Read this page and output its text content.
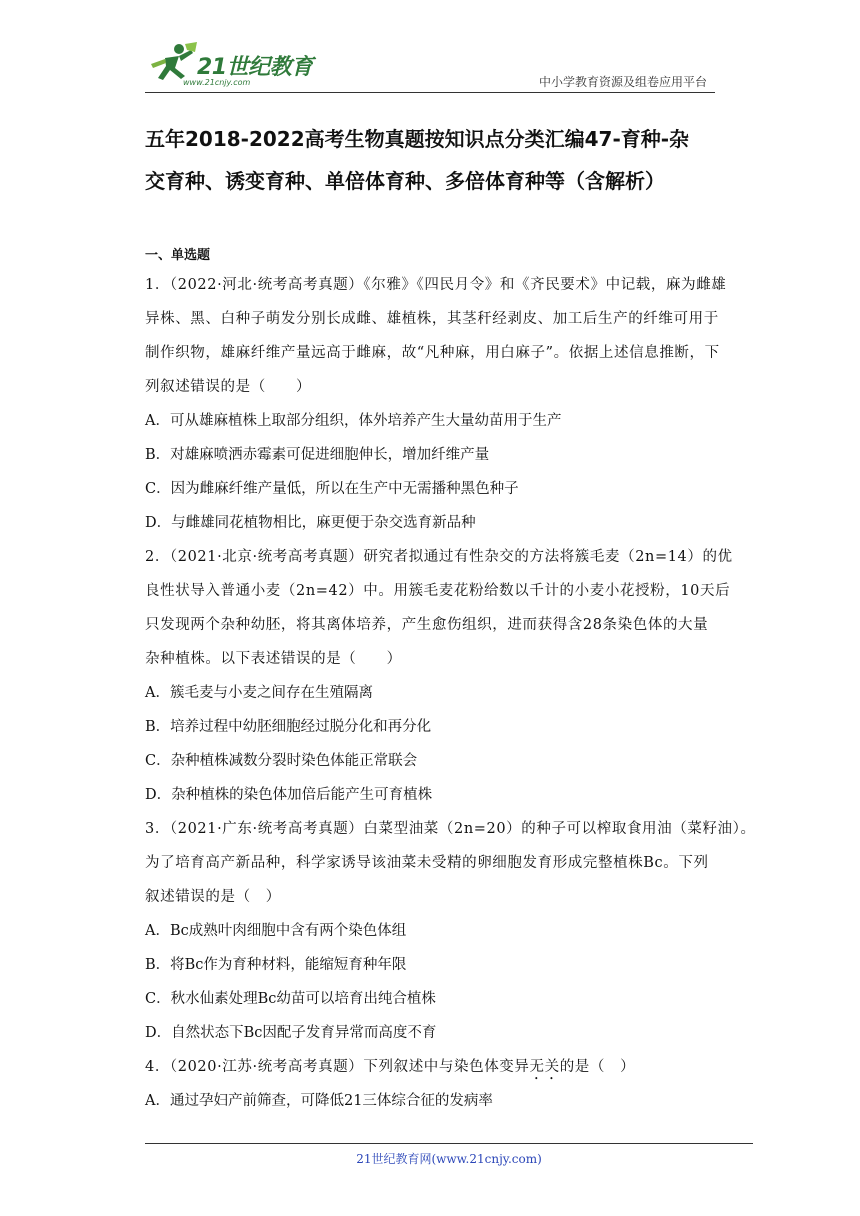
21世纪教育
www.21cnjy.com	中小学教育资源及组卷应用平台
五年2018-2022高考生物真题按知识点分类汇编47-育种-杂
交育种、诱变育种、单倍体育种、多倍体育种等（含解析）
一、单选题
1．（2022·河北·统考高考真题）《尔雅》《四民月令》和《齐民要术》中记载，麻为雌雄
异株、黑、白种子萌发分别长成雌、雄植株，其茎秆经剥皮、加工后生产的纤维可用于
制作织物，雄麻纤维产量远高于雌麻，故“凡种麻，用白麻子”。依据上述信息推断，下
列叙述错误的是（　　）
A．可从雄麻植株上取部分组织，体外培养产生大量幼苗用于生产
B．对雄麻喷洒赤霉素可促进细胞伸长，增加纤维产量
C．因为雌麻纤维产量低，所以在生产中无需播种黑色种子
D．与雌雄同花植物相比，麻更便于杂交选育新品种
2．（2021·北京·统考高考真题）研究者拟通过有性杂交的方法将簇毛麦（2n=14）的优
良性状导入普通小麦（2n=42）中。用簇毛麦花粉给数以千计的小麦小花授粉，10天后
只发现两个杂种幼胚，将其离体培养，产生愈伤组织，进而获得含28条染色体的大量
杂种植株。以下表述错误的是（　　）
A．簇毛麦与小麦之间存在生殖隔离
B．培养过程中幼胚细胞经过脱分化和再分化
C．杂种植株减数分裂时染色体能正常联会
D．杂种植株的染色体加倍后能产生可育植株
3．（2021·广东·统考高考真题）白菜型油菜（2n=20）的种子可以榨取食用油（菜籽油）。
为了培育高产新品种，科学家诱导该油菜未受精的卵细胞发育形成完整植株Bc。下列
叙述错误的是（　）
A．Bc成熟叶肉细胞中含有两个染色体组
B．将Bc作为育种材料，能缩短育种年限
C．秋水仙素处理Bc幼苗可以培育出纯合植株
D．自然状态下Bc因配子发育异常而高度不育
4．（2020·江苏·统考高考真题）下列叙述中与染色体变异无关的是（　）
A．通过孕妇产前筛查，可降低21三体综合征的发病率
21世纪教育网(www.21cnjy.com)
